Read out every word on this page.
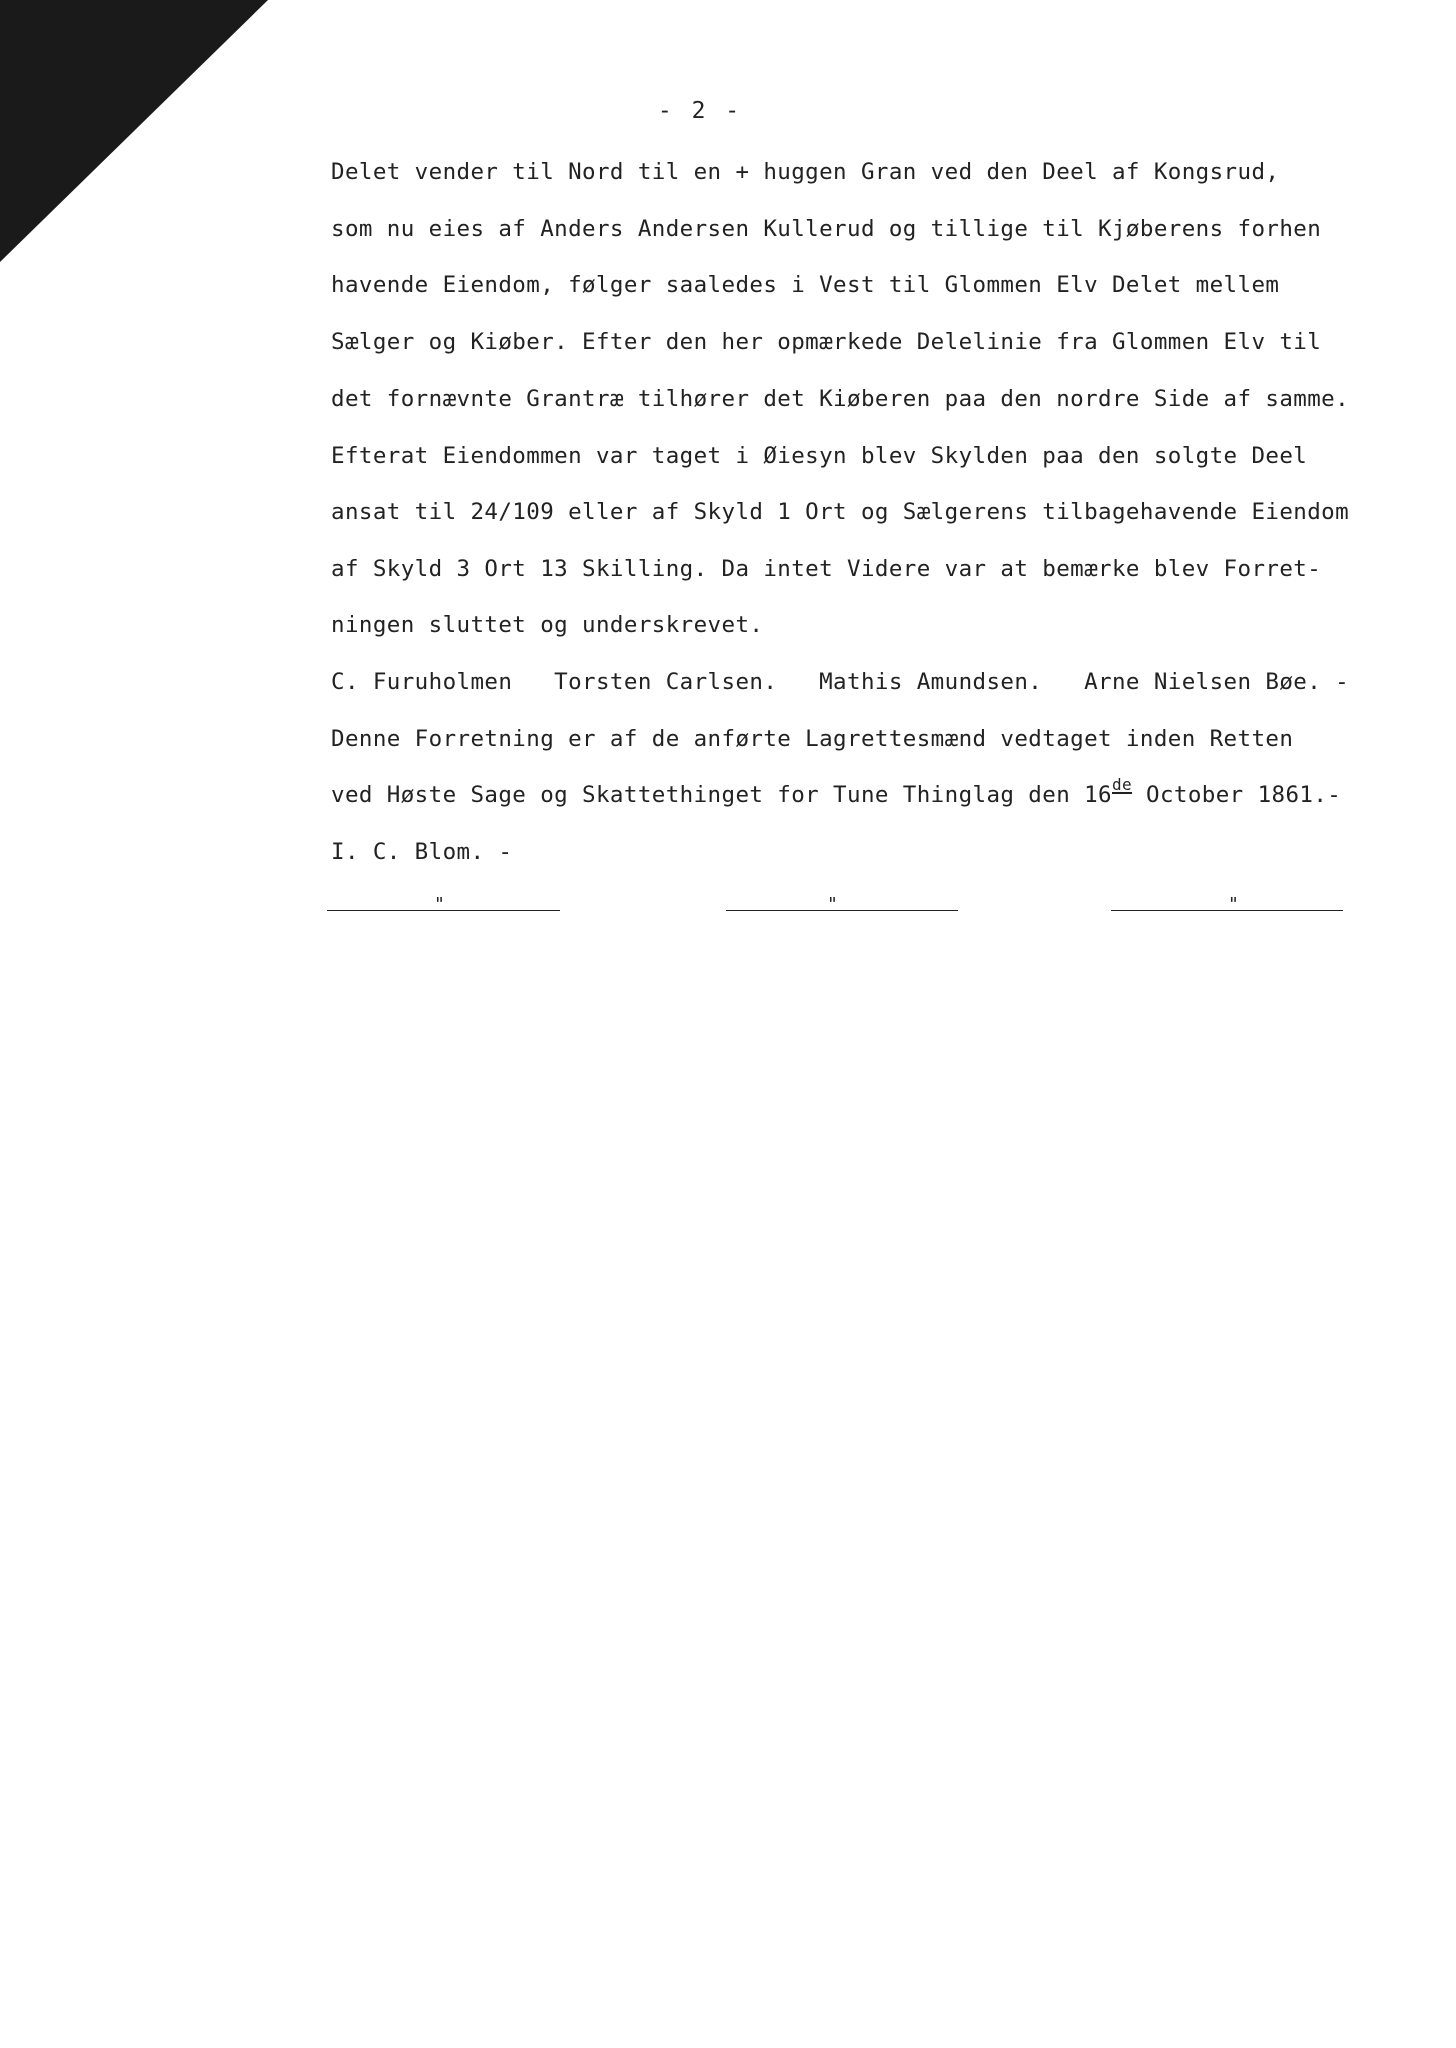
- 2 -
Delet vender til Nord til en + huggen Gran ved den Deel af Kongsrud,
som nu eies af Anders Andersen Kullerud og tillige til Kjøberens forhen
havende Eiendom, følger saaledes i Vest til Glommen Elv Delet mellem
Sælger og Kiøber. Efter den her opmærkede Delelinie fra Glommen Elv til
det fornævnte Grantræ tilhører det Kiøberen paa den nordre Side af samme.
Efterat Eiendommen var taget i Øiesyn blev Skylden paa den solgte Deel
ansat til 24/109 eller af Skyld 1 Ort og Sælgerens tilbagehavende Eiendom
af Skyld 3 Ort 13 Skilling. Da intet Videre var at bemærke blev Forret-
ningen sluttet og underskrevet.
C. Furuholmen   Torsten Carlsen.   Mathis Amundsen.   Arne Nielsen Bøe. -
Denne Forretning er af de anførte Lagrettesmænd vedtaget inden Retten
ved Høste Sage og Skattethinget for Tune Thinglag den 16de October 1861.-
I. C. Blom. -
"	"	"
